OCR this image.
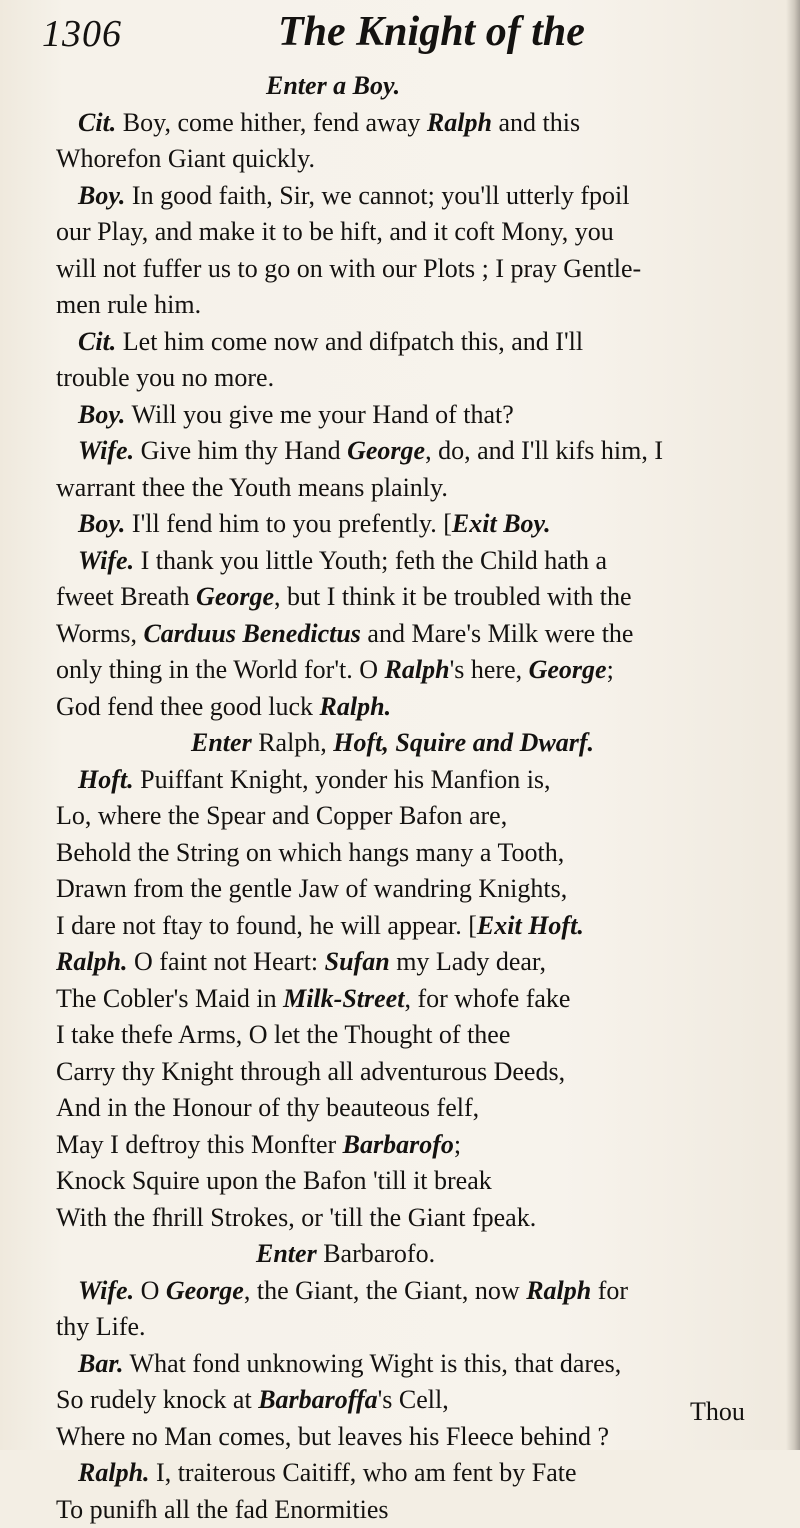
1306	The Knight of the
Enter a Boy.
Cit. Boy, come hither, fend away Ralph and this
Whorefon Giant quickly.
Boy. In good faith, Sir, we cannot; you'll utterly fpoil
our Play, and make it to be hift, and it coft Mony, you
will not fuffer us to go on with our Plots ; I pray Gentle-
men rule him.
Cit. Let him come now and difpatch this, and I'll
trouble you no more.
Boy. Will you give me your Hand of that?
Wife. Give him thy Hand George, do, and I'll kifs him, I
warrant thee the Youth means plainly.
Boy. I'll fend him to you prefently. [Exit Boy.
Wife. I thank you little Youth; feth the Child hath a
fweet Breath George, but I think it be troubled with the
Worms, Carduus Benedictus and Mare's Milk were the
only thing in the World for't. O Ralph's here, George;
God fend thee good luck Ralph.
Enter Ralph, Hoft, Squire and Dwarf.
Hoft. Puiffant Knight, yonder his Manfion is,
Lo, where the Spear and Copper Bafon are,
Behold the String on which hangs many a Tooth,
Drawn from the gentle Jaw of wandring Knights,
I dare not ftay to found, he will appear. [Exit Hoft.
Ralph. O faint not Heart: Sufan my Lady dear,
The Cobler's Maid in Milk-Street, for whofe fake
I take thefe Arms, O let the Thought of thee
Carry thy Knight through all adventurous Deeds,
And in the Honour of thy beauteous felf,
May I deftroy this Monfter Barbarofo;
Knock Squire upon the Bafon 'till it break
With the fhrill Strokes, or 'till the Giant fpeak.
Enter Barbarofo.
Wife. O George, the Giant, the Giant, now Ralph for
thy Life.
Bar. What fond unknowing Wight is this, that dares,
So rudely knock at Barbaroffa's Cell,
Where no Man comes, but leaves his Fleece behind ?
Ralph. I, traiterous Caitiff, who am fent by Fate
To punifh all the fad Enormities
Thou
